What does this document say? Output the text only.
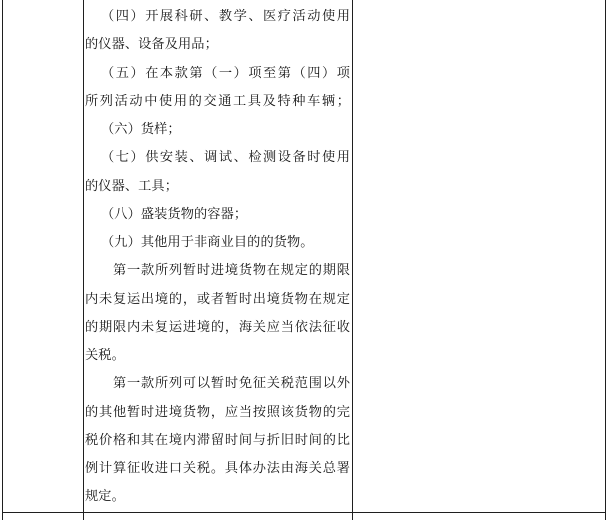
（四）开展科研、教学、医疗活动使用
的仪器、设备及用品；
（五）在本款第（一）项至第（四）项
所列活动中使用的交通工具及特种车辆；
（六）货样；
（七）供安装、调试、检测设备时使用
的仪器、工具；
（八）盛装货物的容器；
（九）其他用于非商业目的的货物。
第一款所列暂时进境货物在规定的期限
内未复运出境的，或者暂时出境货物在规定
的期限内未复运进境的，海关应当依法征收
关税。
第一款所列可以暂时免征关税范围以外
的其他暂时进境货物，应当按照该货物的完
税价格和其在境内滞留时间与折旧时间的比
例计算征收进口关税。具体办法由海关总署
规定。
